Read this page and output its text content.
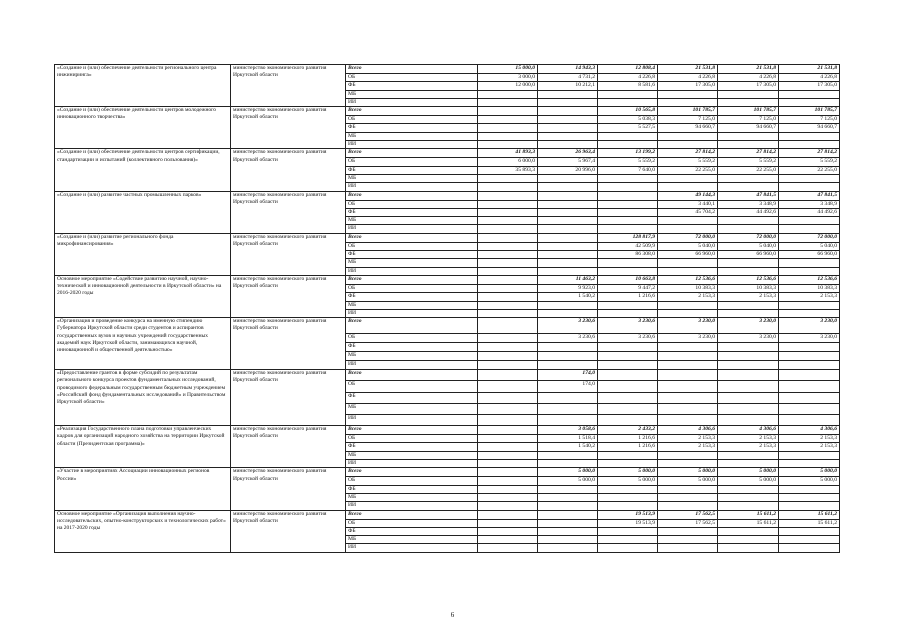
«Создание и (или) обеспечение деятельности регионального центра инжиниринга»	министерство экономического развития Иркутской области	Всего	15 000,0	14 943,3	12 808,4	21 531,8	21 531,8	21 531,8
		ОБ	3 000,0	4 731,2	4 226,8	4 226,8	4 226,8	4 226,8
		ФБ	12 000,0	10 212,1	8 581,6	17 305,0	17 305,0	17 305,0
		МБ						
		ИИ						
«Создание и (или) обеспечение деятельности центров молодежного инновационного творчества»	министерство экономического развития Иркутской области	Всего			10 565,8	101 785,7	101 785,7	101 785,7
		ОБ			5 038,3	7 125,0	7 125,0	7 125,0
		ФБ			5 527,5	94 660,7	94 660,7	94 660,7
		МБ						
		ИИ						
«Создание и (или) обеспечение деятельности центров сертификации, стандартизации и испытаний (коллективного пользования)»	министерство экономического развития Иркутской области	Всего	41 893,3	26 963,4	13 199,2	27 814,2	27 814,2	27 814,2
		ОБ	6 000,0	5 967,4	5 559,2	5 559,2	5 559,2	5 559,2
		ФБ	35 893,3	20 996,0	7 640,0	22 255,0	22 255,0	22 255,0
		МБ						
		ИИ						
«Создание и (или) развитие частных промышленных парков»	министерство экономического развития Иркутской области	Всего				49 144,3	47 841,5	47 841,5
		ОБ				3 440,1	3 348,9	3 348,9
		ФБ				45 704,2	44 492,6	44 492,6
		МБ						
		ИИ						
«Создание и (или) развитие регионального фонда микрофинансирования»	министерство экономического развития Иркутской области	Всего			128 817,9	72 000,0	72 000,0	72 000,0
		ОБ			42 509,9	5 040,0	5 040,0	5 040,0
		ФБ			86 308,0	66 960,0	66 960,0	66 960,0
		МБ						
		ИИ						
Основное мероприятие «Содействие развитию научной, научно-технической и инновационной деятельности в Иркутской области» на 2016-2020 годы	министерство экономического развития Иркутской области	Всего		11 463,2	10 663,8	12 536,6	12 536,6	12 536,6
		ОБ		9 923,0	9 447,2	10 383,3	10 383,3	10 383,3
		ФБ		1 540,2	1 216,6	2 153,3	2 153,3	2 153,3
		МБ						
		ИИ						
«Организация и проведение конкурса на именную стипендию Губернатора Иркутской области среди студентов и аспирантов государственных вузов и научных учреждений государственных академий наук Иркутской области, занимающихся научной, инновационной и общественной деятельностью»	министерство экономического развития Иркутской области	Всего		3 230,6	3 230,6	3 230,0	3 230,0	3 230,0
		ОБ		3 230,6	3 230,6	3 230,0	3 230,0	3 230,0
		ФБ						
		МБ						
		ИИ						
«Предоставление грантов в форме субсидий по результатам регионального конкурса проектов фундаментальных исследований, проводимого федеральным государственным бюджетным учреждением «Российский фонд фундаментальных исследований» и Правительством Иркутской области»	министерство экономического развития Иркутской области	Всего		174,0				
		ОБ		174,0				
		ФБ						
		МБ						
		ИИ						
«Реализация Государственного плана подготовки управленческих кадров для организаций народного хозяйства на территории Иркутской области (Президентская программа)»	министерство экономического развития Иркутской области	Всего		3 058,6	2 433,2	4 306,6	4 306,6	4 306,6
		ОБ		1 518,4	1 216,6	2 153,3	2 153,3	2 153,3
		ФБ		1 540,2	1 216,6	2 153,3	2 153,3	2 153,3
		МБ						
		ИИ						
«Участие в мероприятиях Ассоциации инновационных регионов России»	министерство экономического развития Иркутской области	Всего		5 000,0	5 000,0	5 000,0	5 000,0	5 000,0
		ОБ		5 000,0	5 000,0	5 000,0	5 000,0	5 000,0
		ФБ						
		МБ						
		ИИ						
Основное мероприятие «Организация выполнения научно-исследовательских, опытно-конструкторских и технологических работ» на 2017-2020 годы	министерство экономического развития Иркутской области	Всего			19 513,9	17 562,5	15 611,2	15 611,2
		ОБ			19 513,9	17 562,5	15 611,2	15 611,2
		ФБ						
		МБ						
		ИИ						
6
